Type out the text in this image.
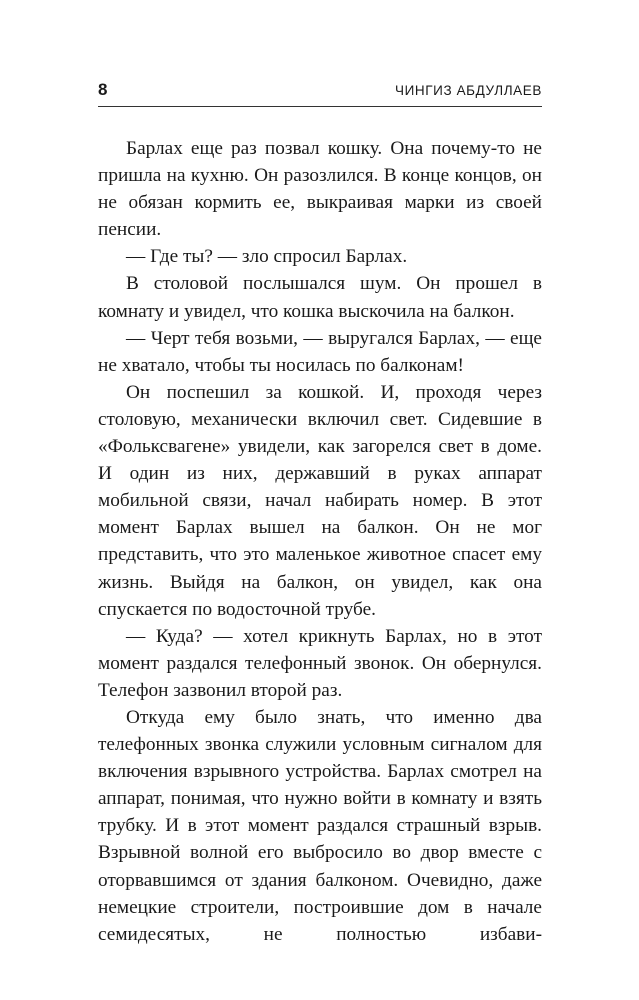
8	ЧИНГИЗ АБДУЛЛАЕВ

Барлах еще раз позвал кошку. Она почему-то не пришла на кухню. Он разозлился. В конце концов, он не обязан кормить ее, выкраивая марки из своей пенсии.

— Где ты? — зло спросил Барлах.

В столовой послышался шум. Он прошел в комнату и увидел, что кошка выскочила на балкон.

— Черт тебя возьми, — выругался Барлах, — еще не хватало, чтобы ты носилась по балконам!

Он поспешил за кошкой. И, проходя через столовую, механически включил свет. Сидевшие в «Фольксвагене» увидели, как загорелся свет в доме. И один из них, державший в руках аппарат мобильной связи, начал набирать номер. В этот момент Барлах вышел на балкон. Он не мог представить, что это маленькое животное спасет ему жизнь. Выйдя на балкон, он увидел, как она спускается по водосточной трубе.

— Куда? — хотел крикнуть Барлах, но в этот момент раздался телефонный звонок. Он обернулся. Телефон зазвонил второй раз.

Откуда ему было знать, что именно два телефонных звонка служили условным сигналом для включения взрывного устройства. Барлах смотрел на аппарат, понимая, что нужно войти в комнату и взять трубку. И в этот момент раздался страшный взрыв. Взрывной волной его выбросило во двор вместе с оторвавшимся от здания балконом. Очевидно, даже немецкие строители, построившие дом в начале семидесятых, не полностью избави-
